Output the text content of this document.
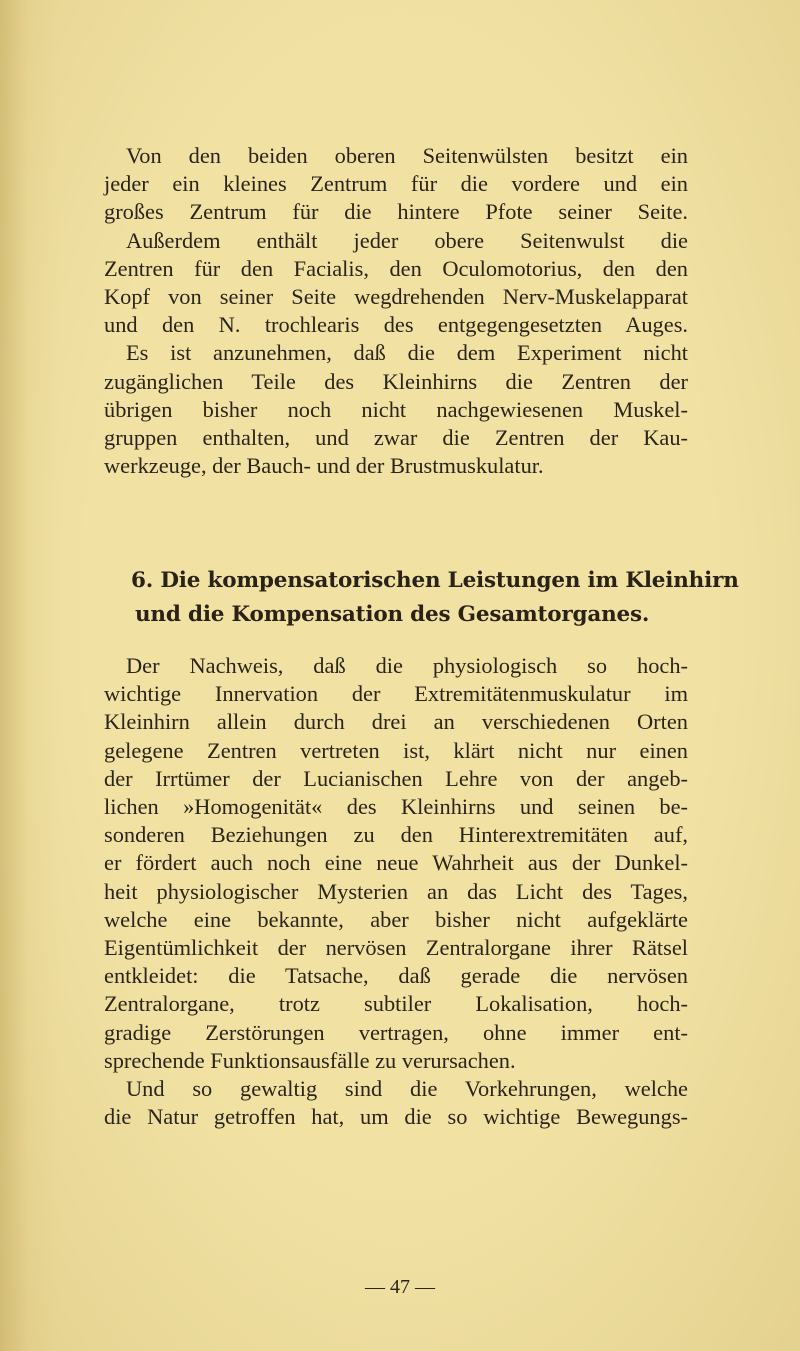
Von den beiden oberen Seitenwülsten besitzt ein
jeder ein kleines Zentrum für die vordere und ein
großes Zentrum für die hintere Pfote seiner Seite.
Außerdem enthält jeder obere Seitenwulst die
Zentren für den Facialis, den Oculomotorius, den den
Kopf von seiner Seite wegdrehenden Nerv-Muskelapparat
und den N. trochlearis des entgegengesetzten Auges.
Es ist anzunehmen, daß die dem Experiment nicht
zugänglichen Teile des Kleinhirns die Zentren der
übrigen bisher noch nicht nachgewiesenen Muskel-
gruppen enthalten, und zwar die Zentren der Kau-
werkzeuge, der Bauch- und der Brustmuskulatur.
6. Die kompensatorischen Leistungen im Kleinhirn
und die Kompensation des Gesamtorganes.
Der Nachweis, daß die physiologisch so hoch-
wichtige Innervation der Extremitätenmuskulatur im
Kleinhirn allein durch drei an verschiedenen Orten
gelegene Zentren vertreten ist, klärt nicht nur einen
der Irrtümer der Lucianischen Lehre von der angeb-
lichen »Homogenität« des Kleinhirns und seinen be-
sonderen Beziehungen zu den Hinterextremitäten auf,
er fördert auch noch eine neue Wahrheit aus der Dunkel-
heit physiologischer Mysterien an das Licht des Tages,
welche eine bekannte, aber bisher nicht aufgeklärte
Eigentümlichkeit der nervösen Zentralorgane ihrer Rätsel
entkleidet: die Tatsache, daß gerade die nervösen
Zentralorgane, trotz subtiler Lokalisation, hoch-
gradige Zerstörungen vertragen, ohne immer ent-
sprechende Funktionsausfälle zu verursachen.
Und so gewaltig sind die Vorkehrungen, welche
die Natur getroffen hat, um die so wichtige Bewegungs-
— 47 —
